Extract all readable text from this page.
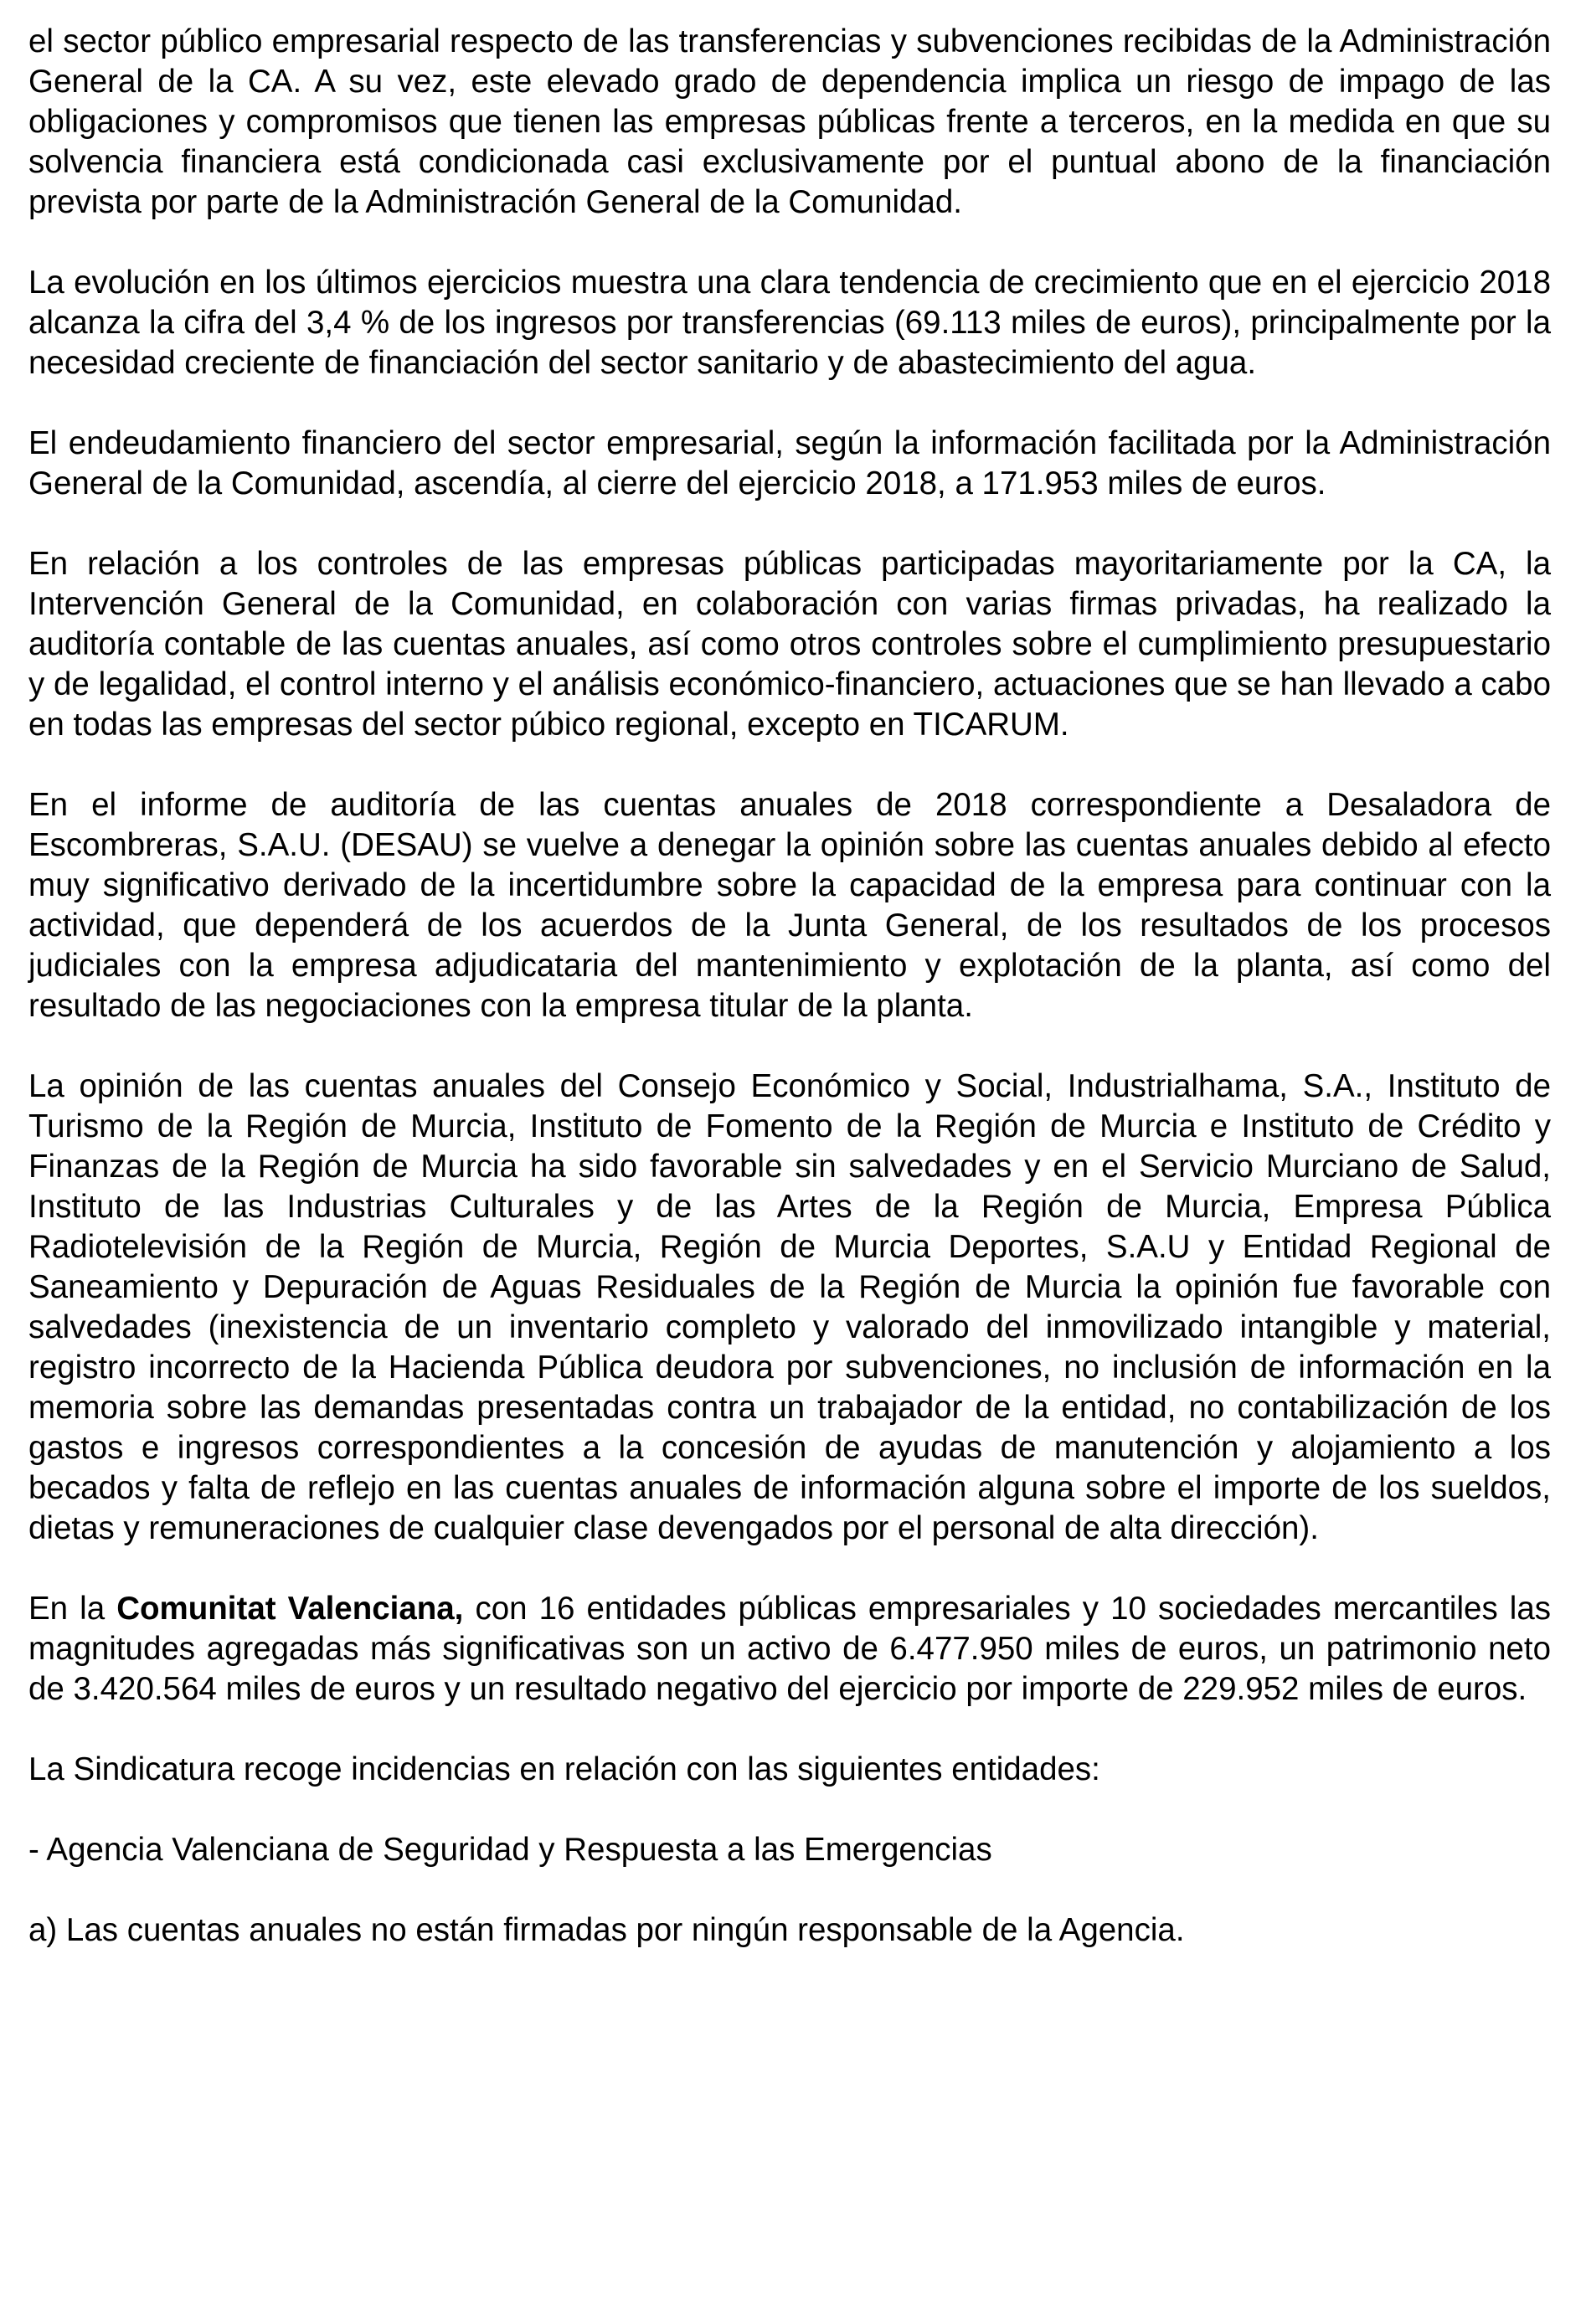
el sector público empresarial respecto de las transferencias y subvenciones recibidas de la Administración General de la CA. A su vez, este elevado grado de dependencia implica un riesgo de impago de las obligaciones y compromisos que tienen las empresas públicas frente a terceros, en la medida en que su solvencia financiera está condicionada casi exclusivamente por el puntual abono de la financiación prevista por parte de la Administración General de la Comunidad.

La evolución en los últimos ejercicios muestra una clara tendencia de crecimiento que en el ejercicio 2018 alcanza la cifra del 3,4 % de los ingresos por transferencias (69.113 miles de euros), principalmente por la necesidad creciente de financiación del sector sanitario y de abastecimiento del agua.

El endeudamiento financiero del sector empresarial, según la información facilitada por la Administración General de la Comunidad, ascendía, al cierre del ejercicio 2018, a 171.953 miles de euros.

En relación a los controles de las empresas públicas participadas mayoritariamente por la CA, la Intervención General de la Comunidad, en colaboración con varias firmas privadas, ha realizado la auditoría contable de las cuentas anuales, así como otros controles sobre el cumplimiento presupuestario y de legalidad, el control interno y el análisis económico-financiero, actuaciones que se han llevado a cabo en todas las empresas del sector púbico regional, excepto en TICARUM.

En el informe de auditoría de las cuentas anuales de 2018 correspondiente a Desaladora de Escombreras, S.A.U. (DESAU) se vuelve a denegar la opinión sobre las cuentas anuales debido al efecto muy significativo derivado de la incertidumbre sobre la capacidad de la empresa para continuar con la actividad, que dependerá de los acuerdos de la Junta General, de los resultados de los procesos judiciales con la empresa adjudicataria del mantenimiento y explotación de la planta, así como del resultado de las negociaciones con la empresa titular de la planta.

La opinión de las cuentas anuales del Consejo Económico y Social, Industrialhama, S.A., Instituto de Turismo de la Región de Murcia, Instituto de Fomento de la Región de Murcia e Instituto de Crédito y Finanzas de la Región de Murcia ha sido favorable sin salvedades y en el Servicio Murciano de Salud, Instituto de las Industrias Culturales y de las Artes de la Región de Murcia, Empresa Pública Radiotelevisión de la Región de Murcia, Región de Murcia Deportes, S.A.U y Entidad Regional de Saneamiento y Depuración de Aguas Residuales de la Región de Murcia la opinión fue favorable con salvedades (inexistencia de un inventario completo y valorado del inmovilizado intangible y material, registro incorrecto de la Hacienda Pública deudora por subvenciones, no inclusión de información en la memoria sobre las demandas presentadas contra un trabajador de la entidad, no contabilización de los gastos e ingresos correspondientes a la concesión de ayudas de manutención y alojamiento a los becados y falta de reflejo en las cuentas anuales de información alguna sobre el importe de los sueldos, dietas y remuneraciones de cualquier clase devengados por el personal de alta dirección).

En la Comunitat Valenciana, con 16 entidades públicas empresariales y 10 sociedades mercantiles las magnitudes agregadas más significativas son un activo de 6.477.950 miles de euros, un patrimonio neto de 3.420.564 miles de euros y un resultado negativo del ejercicio por importe de 229.952 miles de euros.

La Sindicatura recoge incidencias en relación con las siguientes entidades:

- Agencia Valenciana de Seguridad y Respuesta a las Emergencias

a) Las cuentas anuales no están firmadas por ningún responsable de la Agencia.
